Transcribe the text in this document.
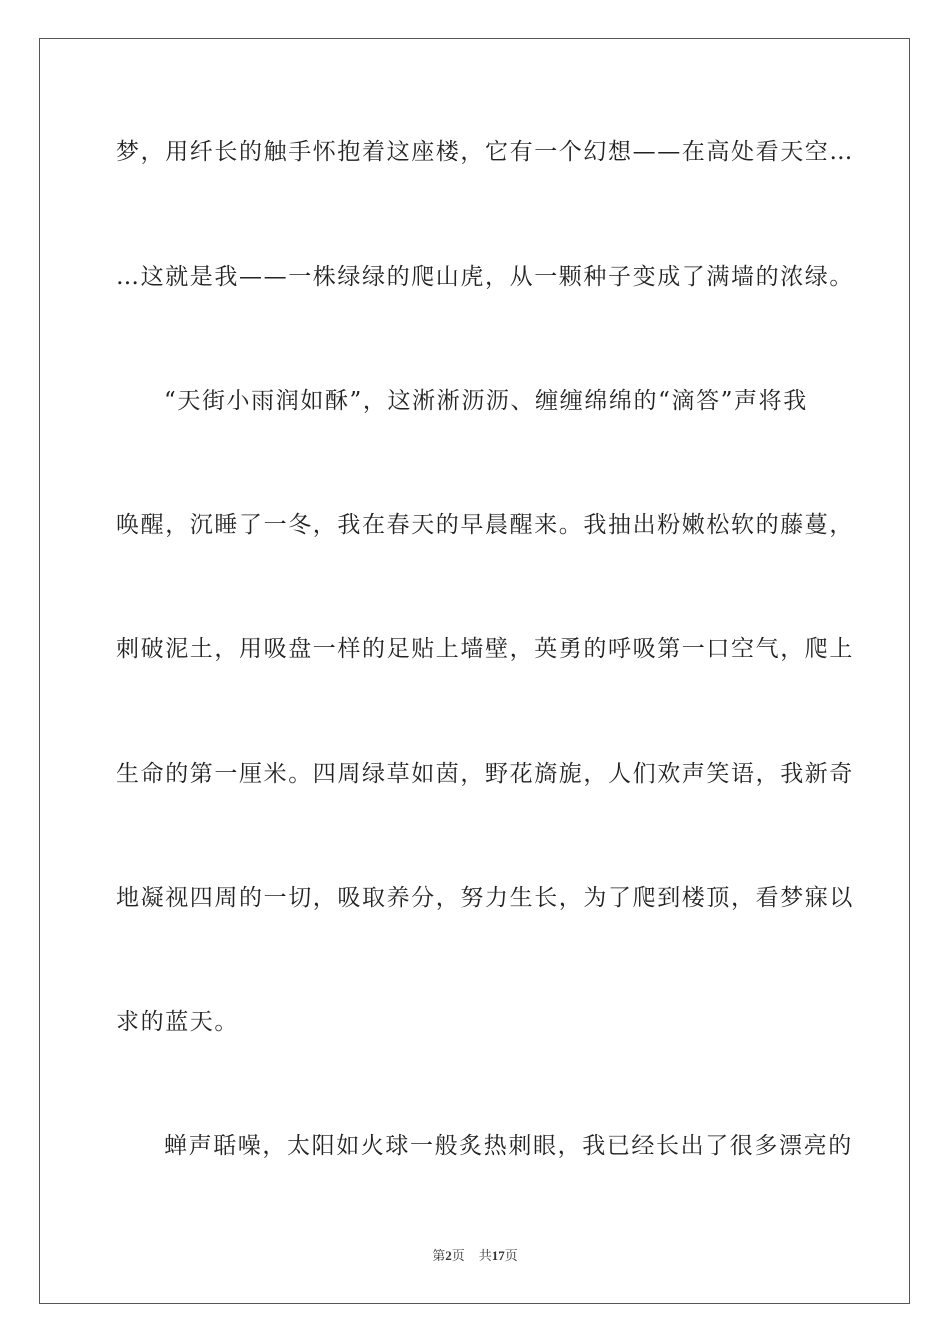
梦，用纤长的触手怀抱着这座楼，它有一个幻想——在高处看天空…
…这就是我——一株绿绿的爬山虎，从一颗种子变成了满墙的浓绿。
“天街小雨润如酥”，这淅淅沥沥、缠缠绵绵的“滴答”声将我
唤醒，沉睡了一冬，我在春天的早晨醒来。我抽出粉嫩松软的藤蔓，
刺破泥土，用吸盘一样的足贴上墙壁，英勇的呼吸第一口空气，爬上
生命的第一厘米。四周绿草如茵，野花旖旎，人们欢声笑语，我新奇
地凝视四周的一切，吸取养分，努力生长，为了爬到楼顶，看梦寐以
求的蓝天。
蝉声聒噪，太阳如火球一般炙热刺眼，我已经长出了很多漂亮的
第2页 共17页
